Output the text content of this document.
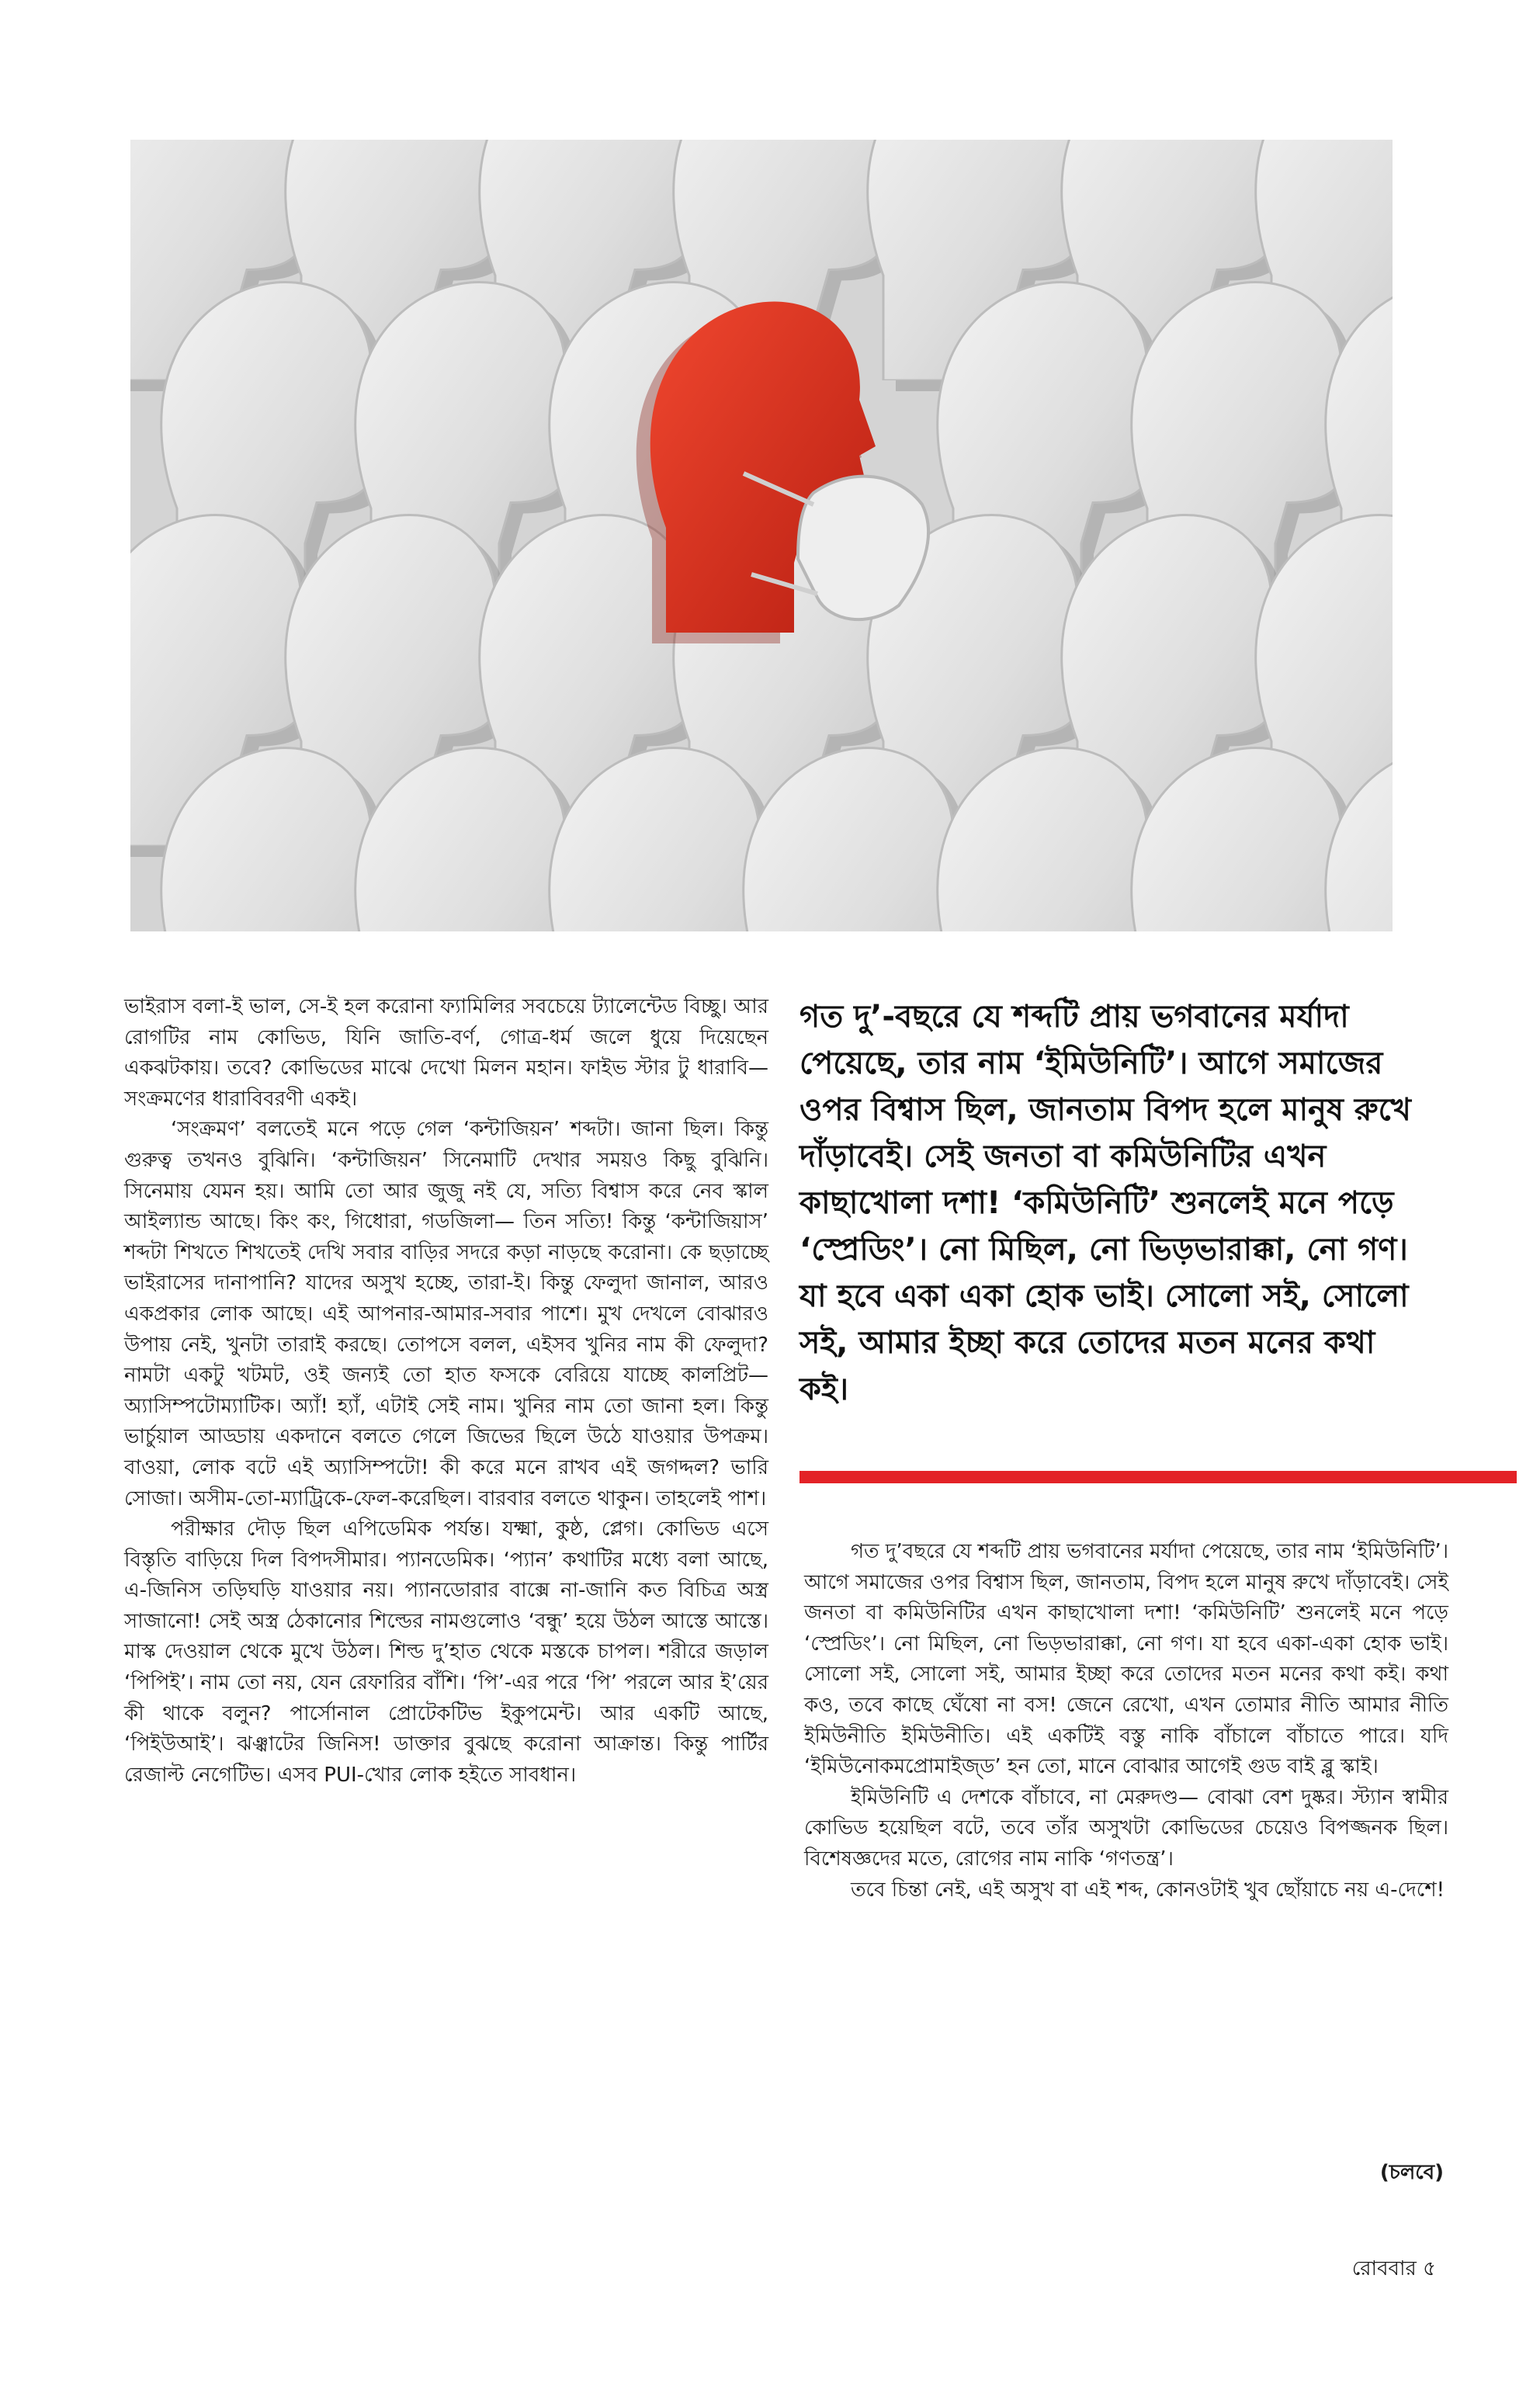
ভাইরাস বলা-ই ভাল, সে-ই হল করোনা ফ্যামিলির সবচেয়ে ট্যালেন্টেড বিচ্ছু। আর রোগটির নাম কোভিড, যিনি জাতি-বর্ণ, গোত্র-ধর্ম জলে ধুয়ে দিয়েছেন একঝটকায়। তবে? কোভিডের মাঝে দেখো মিলন মহান। ফাইভ স্টার টু ধারাবি— সংক্রমণের ধারাবিবরণী একই।

‘সংক্রমণ’ বলতেই মনে পড়ে গেল ‘কন্টাজিয়ন’ শব্দটা। জানা ছিল। কিন্তু গুরুত্ব তখনও বুঝিনি। ‘কন্টাজিয়ন’ সিনেমাটি দেখার সময়ও কিছু বুঝিনি। সিনেমায় যেমন হয়। আমি তো আর জুজু নই যে, সত্যি বিশ্বাস করে নেব স্কাল আইল্যান্ড আছে। কিং কং, গিধোরা, গডজিলা— তিন সত্যি! কিন্তু ‘কন্টাজিয়াস’ শব্দটা শিখতে শিখতেই দেখি সবার বাড়ির সদরে কড়া নাড়ছে করোনা। কে ছড়াচ্ছে ভাইরাসের দানাপানি? যাদের অসুখ হচ্ছে, তারা-ই। কিন্তু ফেলুদা জানাল, আরও একপ্রকার লোক আছে। এই আপনার-আমার-সবার পাশে। মুখ দেখলে বোঝারও উপায় নেই, খুনটা তারাই করছে। তোপসে বলল, এইসব খুনির নাম কী ফেলুদা? নামটা একটু খটমট, ওই জন্যই তো হাত ফসকে বেরিয়ে যাচ্ছে কালপ্রিট— অ্যাসিম্পটোম্যাটিক। অ্যাঁ! হ্যাঁ, এটাই সেই নাম। খুনির নাম তো জানা হল। কিন্তু ভার্চুয়াল আড্ডায় একদানে বলতে গেলে জিভের ছিলে উঠে যাওয়ার উপক্রম। বাওয়া, লোক বটে এই অ্যাসিম্পটো! কী করে মনে রাখব এই জগদ্দল? ভারি সোজা। অসীম-তো-ম্যাট্রিকে-ফেল-করেছিল। বারবার বলতে থাকুন। তাহলেই পাশ।

পরীক্ষার দৌড় ছিল এপিডেমিক পর্যন্ত। যক্ষ্মা, কুষ্ঠ, প্লেগ। কোভিড এসে বিস্তৃতি বাড়িয়ে দিল বিপদসীমার। প্যানডেমিক। ‘প্যান’ কথাটির মধ্যে বলা আছে, এ-জিনিস তড়িঘড়ি যাওয়ার নয়। প্যানডোরার বাক্সে না-জানি কত বিচিত্র অস্ত্র সাজানো! সেই অস্ত্র ঠেকানোর শিল্ডের নামগুলোও ‘বন্ধু’ হয়ে উঠল আস্তে আস্তে। মাস্ক দেওয়াল থেকে মুখে উঠল। শিল্ড দু’হাত থেকে মস্তকে চাপল। শরীরে জড়াল ‘পিপিই’। নাম তো নয়, যেন রেফারির বাঁশি। ‘পি’-এর পরে ‘পি’ পরলে আর ই’য়ের কী থাকে বলুন? পার্সোনাল প্রোটেকটিভ ইকুপমেন্ট। আর একটি আছে, ‘পিইউআই’। ঝঞ্ঝাটের জিনিস! ডাক্তার বুঝছে করোনা আক্রান্ত। কিন্তু পার্টির রেজাল্ট নেগেটিভ। এসব PUI-খোর লোক হইতে সাবধান।

গত দু’-বছরে যে শব্দটি প্রায় ভগবানের মর্যাদা পেয়েছে, তার নাম ‘ইমিউনিটি’। আগে সমাজের ওপর বিশ্বাস ছিল, জানতাম বিপদ হলে মানুষ রুখে দাঁড়াবেই। সেই জনতা বা কমিউনিটির এখন কাছাখোলা দশা! ‘কমিউনিটি’ শুনলেই মনে পড়ে ‘স্প্রেডিং’। নো মিছিল, নো ভিড়ভারাক্কা, নো গণ। যা হবে একা একা হোক ভাই। সোলো সই, সোলো সই, আমার ইচ্ছা করে তোদের মতন মনের কথা কই।

গত দু’বছরে যে শব্দটি প্রায় ভগবানের মর্যাদা পেয়েছে, তার নাম ‘ইমিউনিটি’। আগে সমাজের ওপর বিশ্বাস ছিল, জানতাম, বিপদ হলে মানুষ রুখে দাঁড়াবেই। সেই জনতা বা কমিউনিটির এখন কাছাখোলা দশা! ‘কমিউনিটি’ শুনলেই মনে পড়ে ‘স্প্রেডিং’। নো মিছিল, নো ভিড়ভারাক্কা, নো গণ। যা হবে একা-একা হোক ভাই। সোলো সই, সোলো সই, আমার ইচ্ছা করে তোদের মতন মনের কথা কই। কথা কও, তবে কাছে ঘেঁষো না বস! জেনে রেখো, এখন তোমার নীতি আমার নীতি ইমিউনীতি ইমিউনীতি। এই একটিই বস্তু নাকি বাঁচালে বাঁচাতে পারে। যদি ‘ইমিউনোকমপ্রোমাইজ্‌ড’ হন তো, মানে বোঝার আগেই গুড বাই ব্লু স্কাই।

ইমিউনিটি এ দেশকে বাঁচাবে, না মেরুদণ্ড— বোঝা বেশ দুষ্কর। স্ট্যান স্বামীর কোভিড হয়েছিল বটে, তবে তাঁর অসুখটা কোভিডের চেয়েও বিপজ্জনক ছিল। বিশেষজ্ঞদের মতে, রোগের নাম নাকি ‘গণতন্ত্র’।

তবে চিন্তা নেই, এই অসুখ বা এই শব্দ, কোনওটাই খুব ছোঁয়াচে নয় এ-দেশে!

(চলবে)
রোববার ৫
